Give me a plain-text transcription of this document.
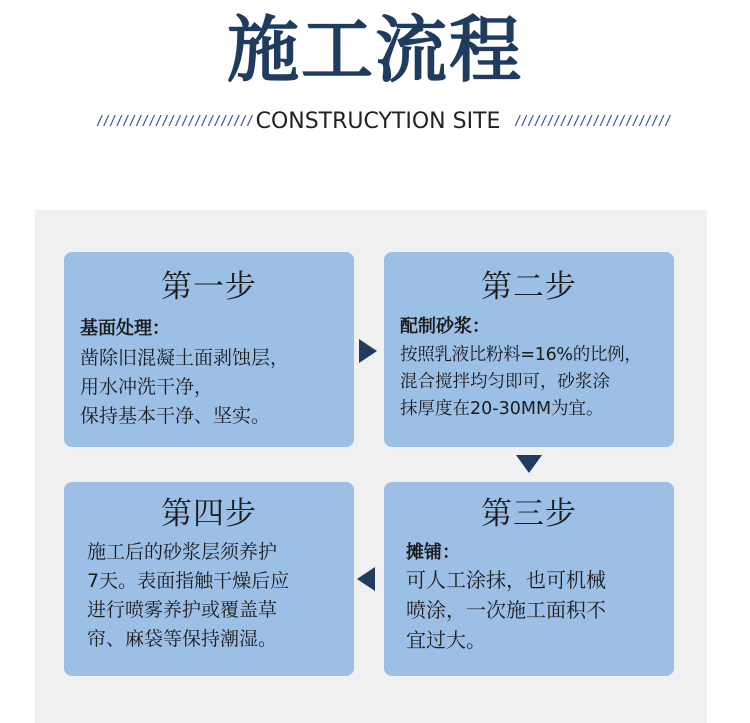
施工流程
//////////////////////// CONSTRUCYTION SITE ////////////////////////
第一步
基面处理：
凿除旧混凝土面剥蚀层，
用水冲洗干净，
保持基本干净、坚实。
第二步
配制砂浆：
按照乳液比粉料=16%的比例，
混合搅拌均匀即可，砂浆涂
抹厚度在20-30MM为宜。
第四步
施工后的砂浆层须养护
7天。表面指触干燥后应
进行喷雾养护或覆盖草
帘、麻袋等保持潮湿。
第三步
摊铺：
可人工涂抹，也可机械
喷涂，一次施工面积不
宜过大。
